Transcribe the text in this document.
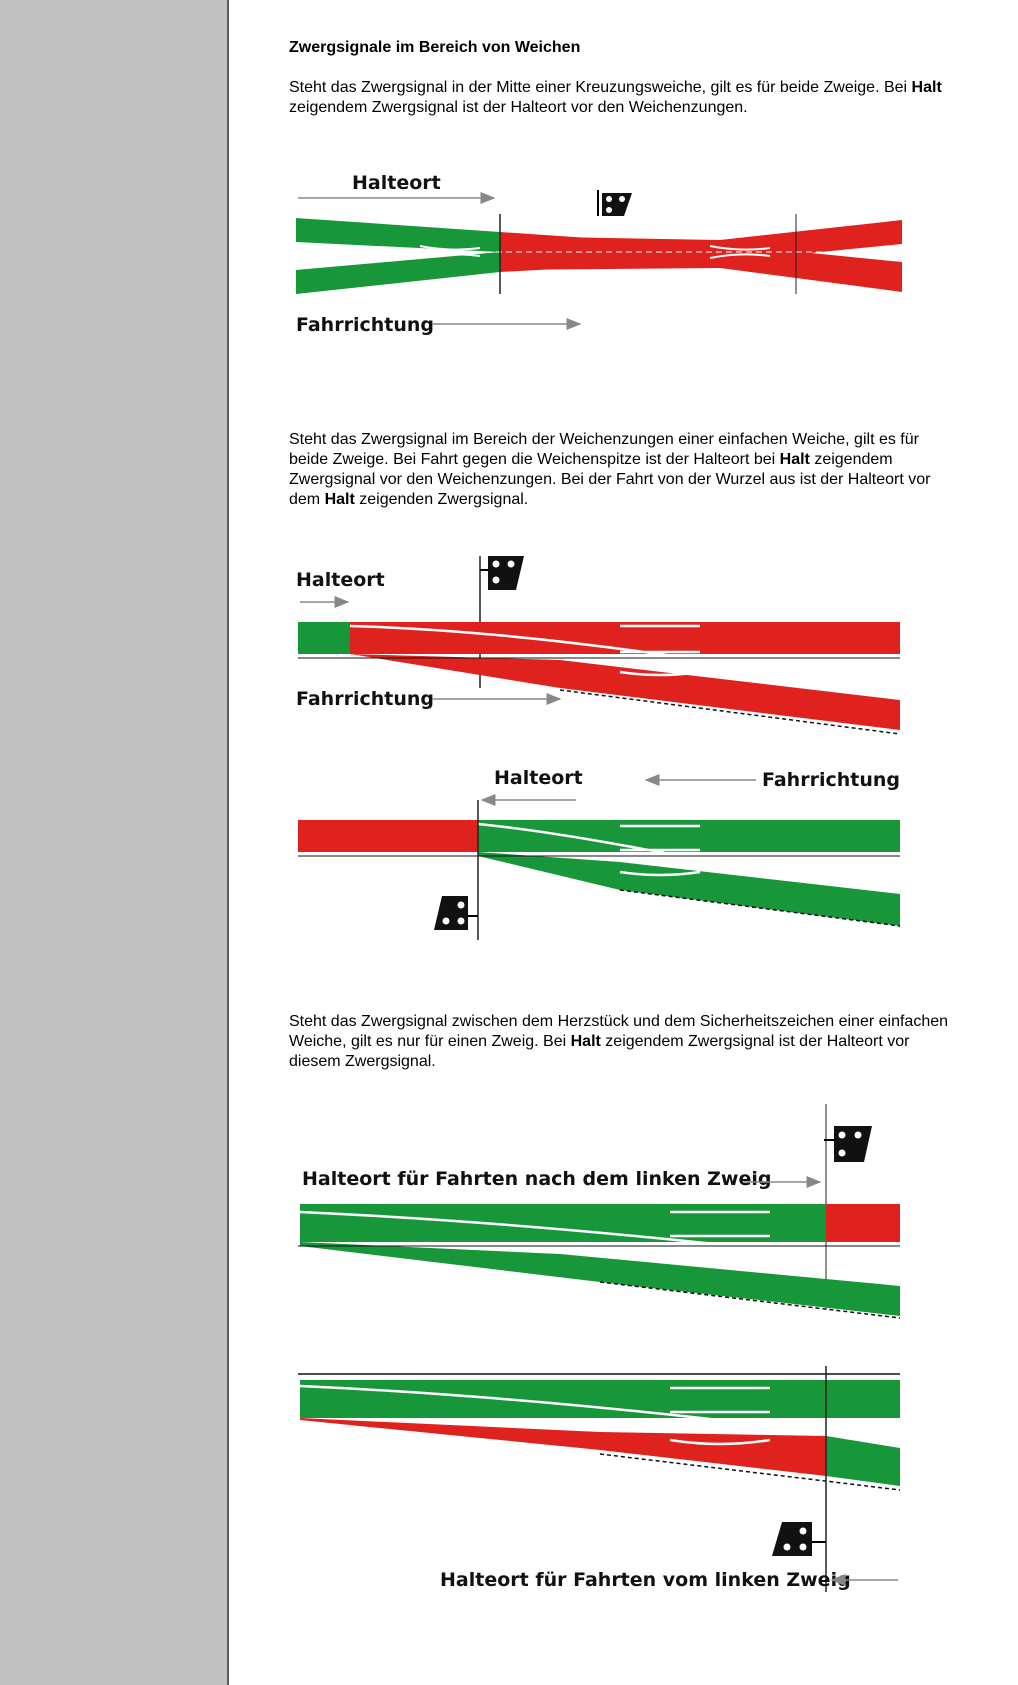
Zwergsignale im Bereich von Weichen
Steht das Zwergsignal in der Mitte einer Kreuzungsweiche, gilt es für beide Zweige. Bei Halt zeigendem Zwergsignal ist der Halteort vor den Weichenzungen.
Steht das Zwergsignal im Bereich der Weichenzungen einer einfachen Weiche, gilt es für beide Zweige. Bei Fahrt gegen die Weichenspitze ist der Halteort bei Halt zeigendem Zwergsignal vor den Weichenzungen. Bei der Fahrt von der Wurzel aus ist der Halteort vor dem Halt zeigenden Zwergsignal.
Steht das Zwergsignal zwischen dem Herzstück und dem Sicherheitszeichen einer einfachen Weiche, gilt es nur für einen Zweig. Bei Halt zeigendem Zwergsignal ist der Halteort vor diesem Zwergsignal.
Halteort
Fahrrichtung
Halteort
Fahrrichtung
Halteort	Fahrrichtung
Halteort für Fahrten nach dem linken Zweig
Halteort für Fahrten vom linken Zweig
